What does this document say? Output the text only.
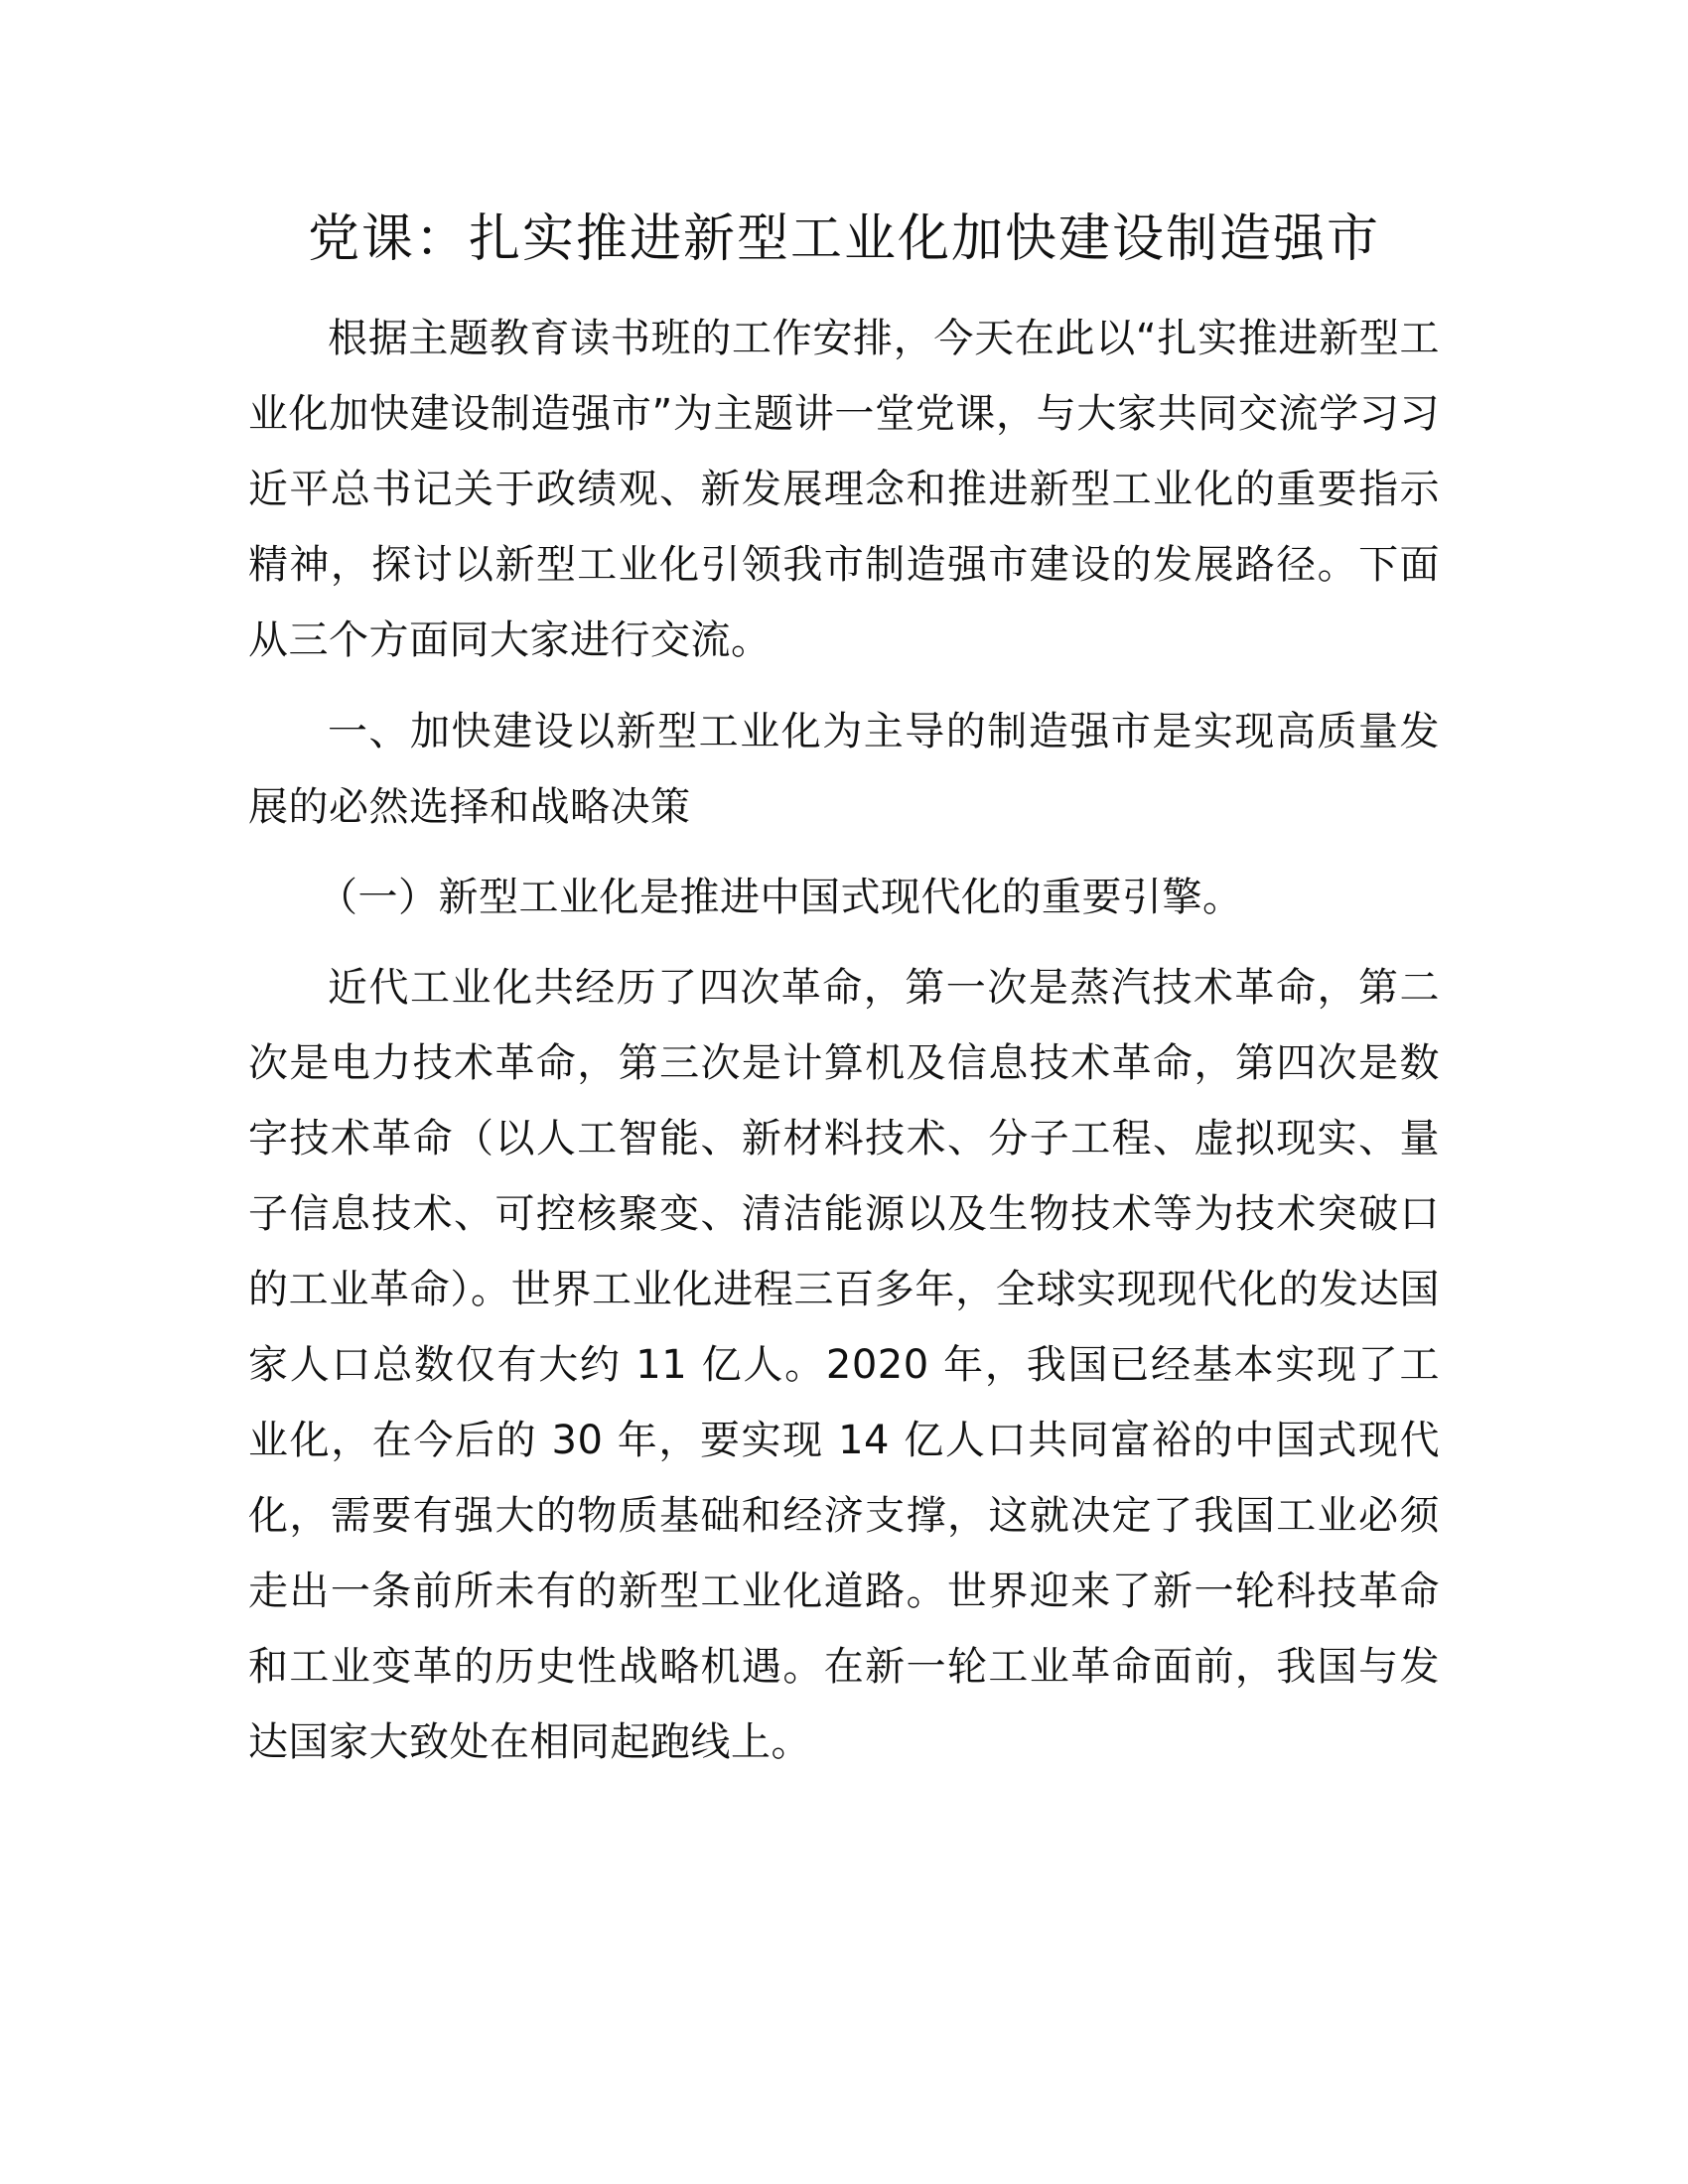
党课：扎实推进新型工业化加快建设制造强市

根据主题教育读书班的工作安排，今天在此以“扎实推进新型工业化加快建设制造强市”为主题讲一堂党课，与大家共同交流学习习近平总书记关于政绩观、新发展理念和推进新型工业化的重要指示精神，探讨以新型工业化引领我市制造强市建设的发展路径。下面从三个方面同大家进行交流。

一、加快建设以新型工业化为主导的制造强市是实现高质量发展的必然选择和战略决策

（一）新型工业化是推进中国式现代化的重要引擎。

近代工业化共经历了四次革命，第一次是蒸汽技术革命，第二次是电力技术革命，第三次是计算机及信息技术革命，第四次是数字技术革命（以人工智能、新材料技术、分子工程、虚拟现实、量子信息技术、可控核聚变、清洁能源以及生物技术等为技术突破口的工业革命）。世界工业化进程三百多年，全球实现现代化的发达国家人口总数仅有大约 11 亿人。2020 年，我国已经基本实现了工业化，在今后的 30 年，要实现 14 亿人口共同富裕的中国式现代化，需要有强大的物质基础和经济支撑，这就决定了我国工业必须走出一条前所未有的新型工业化道路。世界迎来了新一轮科技革命和工业变革的历史性战略机遇。在新一轮工业革命面前，我国与发达国家大致处在相同起跑线上。
